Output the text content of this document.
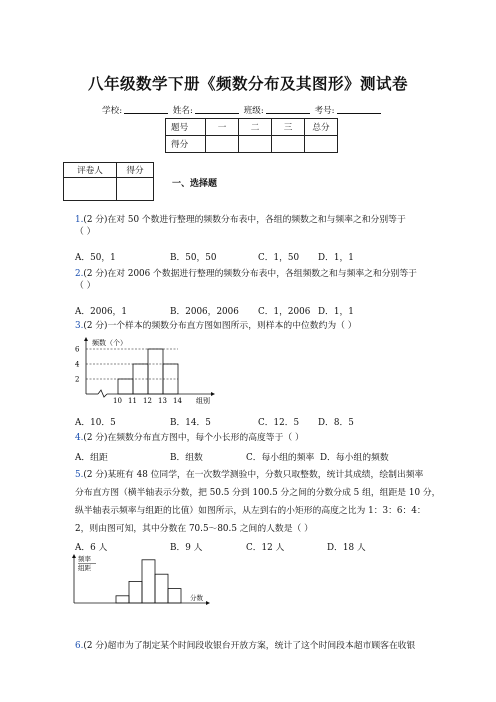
八年级数学下册《频数分布及其图形》测试卷
学校:	姓名:	班级:	考号:
题号	一	二	三	总分
得分				
评卷人	得分

一、选择题
1.(2 分)在对 50 个数进行整理的频数分布表中，各组的频数之和与频率之和分别等于
（ ）
A．50，1	B．50，50	C．1，50 D．1，1
2.(2 分)在对 2006 个数据进行整理的频数分布表中，各组频数之和与频率之和分别等于
（ ）
A．2006，1	B．2006，2006 C．1，2006 D．1，1
3.(2 分)一个样本的频数分布直方图如图所示，则样本的中位数约为（ ）
频数（个）
组别
2
4
6
10 11 12 13 14
A．10．5	B．14．5	C．12．5 D．8．5
4.(2 分)在频数分布直方图中，每个小长形的高度等于（ ）
A．组距	B．组数	C．每小组的频率 D．每小组的频数
5.(2 分)某班有 48 位同学，在一次数学测验中，分数只取整数，统计其成绩，绘制出频率
分布直方图（横半轴表示分数，把 50.5 分到 100.5 分之间的分数分成 5 组，组距是 10 分，
纵半轴表示频率与组距的比值）如图所示，从左到右的小矩形的高度之比为 1：3：6：4：
2，则由图可知，其中分数在 70.5～80.5 之间的人数是（ ）
A．6 人	B．9 人	C．12 人	D．18 人
频率
组距
分数
6.(2 分)超市为了制定某个时间段收银台开放方案，统计了这个时间段本超市顾客在收银
